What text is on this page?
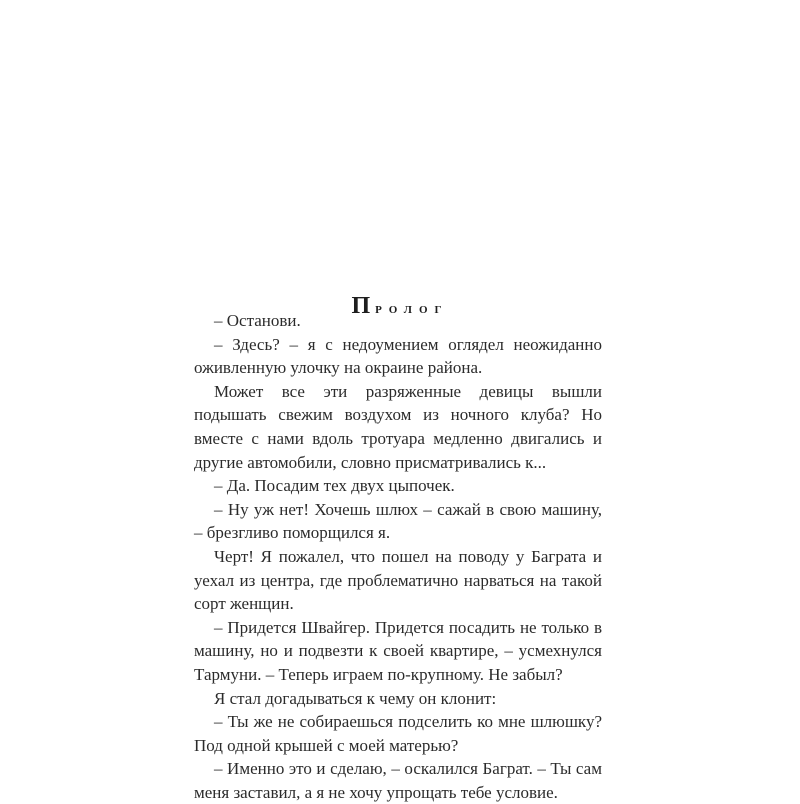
Пролог

– Останови.

– Здесь? – я с недоумением оглядел неожиданно оживленную улочку на окраине района.

Может все эти разряженные девицы вышли подышать свежим воздухом из ночного клуба? Но вместе с нами вдоль тротуара медленно двигались и другие автомобили, словно присматривались к...

– Да. Посадим тех двух цыпочек.

– Ну уж нет! Хочешь шлюх – сажай в свою машину, – брезгливо поморщился я.

Черт! Я пожалел, что пошел на поводу у Баграта и уехал из центра, где проблематично нарваться на такой сорт женщин.

– Придется Швайгер. Придется посадить не только в машину, но и подвезти к своей квартире, – усмехнулся Тармуни. – Теперь играем по-крупному. Не забыл?

Я стал догадываться к чему он клонит:

– Ты же не собираешься подселить ко мне шлюшку? Под одной крышей с моей матерью?

– Именно это и сделаю, – оскалился Баграт. – Ты сам меня заставил, а я не хочу упрощать тебе условие.
